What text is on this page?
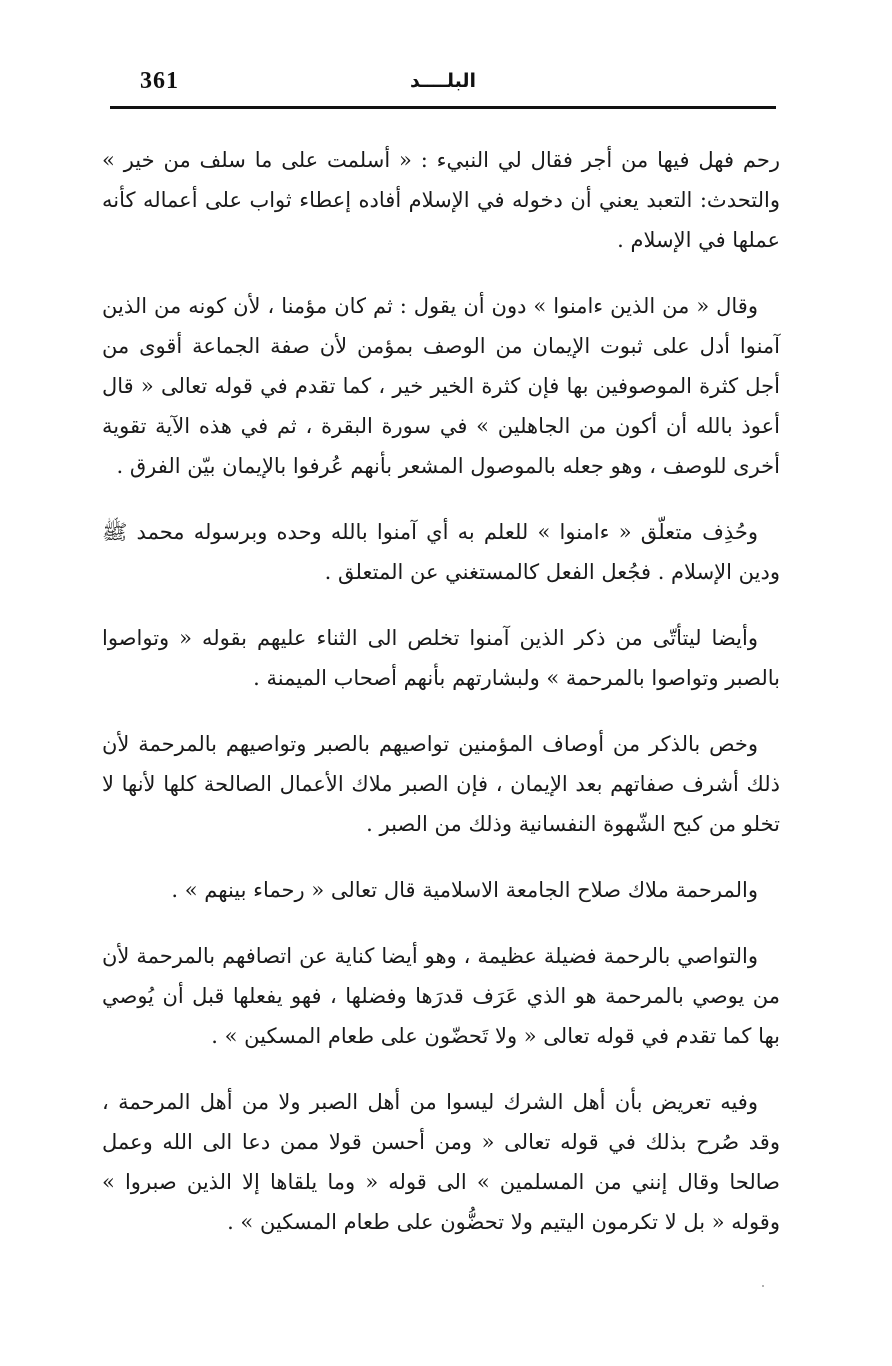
361	البلــــد

رحم فهل فيها من أجر فقال لي النبيء : « أسلمت على ما سلف من خير » والتحدث: التعبد يعني أن دخوله في الإسلام أفاده إعطاء ثواب على أعماله كأنه عملها في الإسلام .

وقال « من الذين ءامنوا » دون أن يقول : ثم كان مؤمنا ، لأن كونه من الذين آمنوا أدل على ثبوت الإيمان من الوصف بمؤمن لأن صفة الجماعة أقوى من أجل كثرة الموصوفين بها فإن كثرة الخير خير ، كما تقدم في قوله تعالى « قال أعوذ بالله أن أكون من الجاهلين » في سورة البقرة ، ثم في هذه الآية تقوية أخرى للوصف ، وهو جعله بالموصول المشعر بأنهم عُرفوا بالإيمان بيّن الفرق .

وحُذِف متعلّق « ءامنوا » للعلم به أي آمنوا بالله وحده وبرسوله محمد ﷺ ودين الإسلام . فجُعل الفعل كالمستغني عن المتعلق .

وأيضا ليتأتّى من ذكر الذين آمنوا تخلص الى الثناء عليهم بقوله « وتواصوا بالصبر وتواصوا بالمرحمة » ولبشارتهم بأنهم أصحاب الميمنة .

وخص بالذكر من أوصاف المؤمنين تواصيهم بالصبر وتواصيهم بالمرحمة لأن ذلك أشرف صفاتهم بعد الإيمان ، فإن الصبر ملاك الأعمال الصالحة كلها لأنها لا تخلو من كبح الشّهوة النفسانية وذلك من الصبر .

والمرحمة ملاك صلاح الجامعة الاسلامية قال تعالى « رحماء بينهم » .

والتواصي بالرحمة فضيلة عظيمة ، وهو أيضا كناية عن اتصافهم بالمرحمة لأن من يوصي بالمرحمة هو الذي عَرَف قدرَها وفضلها ، فهو يفعلها قبل أن يُوصي بها كما تقدم في قوله تعالى « ولا تَحضّون على طعام المسكين » .

وفيه تعريض بأن أهل الشرك ليسوا من أهل الصبر ولا من أهل المرحمة ، وقد صُرح بذلك في قوله تعالى « ومن أحسن قولا ممن دعا الى الله وعمل صالحا وقال إنني من المسلمين » الى قوله « وما يلقاها إلا الذين صبروا » وقوله « بل لا تكرمون اليتيم ولا تحضُّون على طعام المسكين » .
